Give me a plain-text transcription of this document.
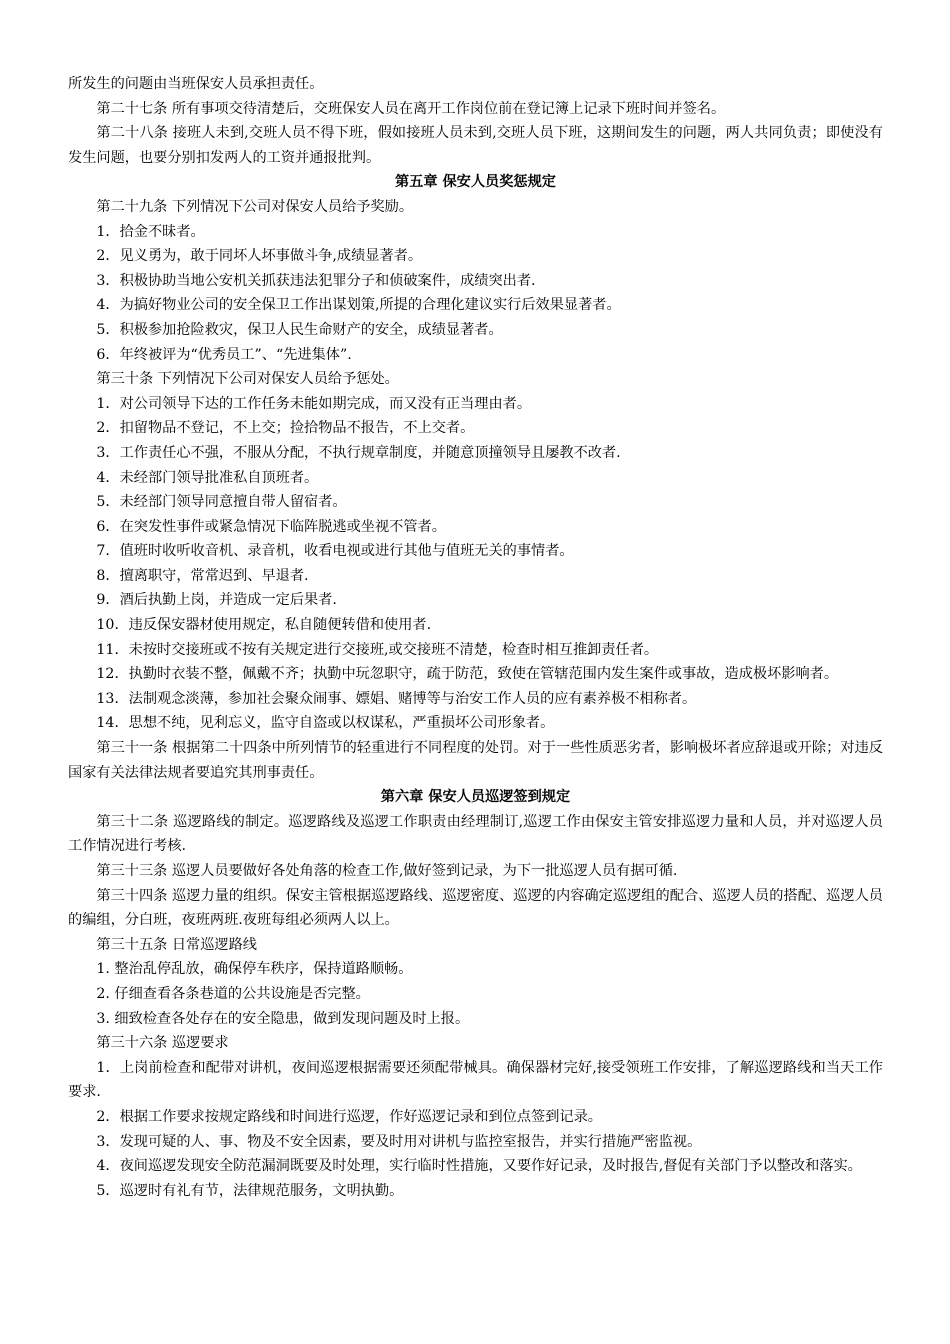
所发生的问题由当班保安人员承担责任。

第二十七条 所有事项交待清楚后，交班保安人员在离开工作岗位前在登记簿上记录下班时间并签名。

第二十八条 接班人未到,交班人员不得下班，假如接班人员未到,交班人员下班，这期间发生的问题，两人共同负责；即使没有发生问题，也要分别扣发两人的工资并通报批判。

第五章 保安人员奖惩规定

第二十九条 下列情况下公司对保安人员给予奖励。

1．拾金不昧者。

2．见义勇为，敢于同坏人坏事做斗争,成绩显著者。

3．积极协助当地公安机关抓获违法犯罪分子和侦破案件，成绩突出者.

4．为搞好物业公司的安全保卫工作出谋划策,所提的合理化建议实行后效果显著者。

5．积极参加抢险救灾，保卫人民生命财产的安全，成绩显著者。

6．年终被评为“优秀员工”、“先进集体”.

第三十条 下列情况下公司对保安人员给予惩处。

1．对公司领导下达的工作任务未能如期完成，而又没有正当理由者。

2．扣留物品不登记，不上交；捡拾物品不报告，不上交者。

3．工作责任心不强，不服从分配，不执行规章制度，并随意顶撞领导且屡教不改者.

4．未经部门领导批准私自顶班者。

5．未经部门领导同意擅自带人留宿者。

6．在突发性事件或紧急情况下临阵脱逃或坐视不管者。

7．值班时收听收音机、录音机，收看电视或进行其他与值班无关的事情者。

8．擅离职守，常常迟到、早退者.

9．酒后执勤上岗，并造成一定后果者.

10．违反保安器材使用规定，私自随便转借和使用者.

11．未按时交接班或不按有关规定进行交接班,或交接班不清楚，检查时相互推卸责任者。

12．执勤时衣装不整，佩戴不齐；执勤中玩忽职守，疏于防范，致使在管辖范围内发生案件或事故，造成极坏影响者。

13．法制观念淡薄，参加社会聚众闹事、嫖娼、赌博等与治安工作人员的应有素养极不相称者。

14．思想不纯，见利忘义，监守自盗或以权谋私，严重损坏公司形象者。

第三十一条 根据第二十四条中所列情节的轻重进行不同程度的处罚。对于一些性质恶劣者，影响极坏者应辞退或开除；对违反国家有关法律法规者要追究其刑事责任。

第六章 保安人员巡逻签到规定

第三十二条 巡逻路线的制定。巡逻路线及巡逻工作职责由经理制订,巡逻工作由保安主管安排巡逻力量和人员，并对巡逻人员工作情况进行考核.

第三十三条 巡逻人员要做好各处角落的检查工作,做好签到记录，为下一批巡逻人员有据可循.

第三十四条 巡逻力量的组织。保安主管根据巡逻路线、巡逻密度、巡逻的内容确定巡逻组的配合、巡逻人员的搭配、巡逻人员的编组，分白班，夜班两班.夜班每组必须两人以上。

第三十五条 日常巡逻路线

1. 整治乱停乱放，确保停车秩序，保持道路顺畅。

2. 仔细查看各条巷道的公共设施是否完整。

3. 细致检查各处存在的安全隐患，做到发现问题及时上报。

第三十六条 巡逻要求

1．上岗前检查和配带对讲机，夜间巡逻根据需要还须配带械具。确保器材完好,接受领班工作安排，了解巡逻路线和当天工作要求.

2．根据工作要求按规定路线和时间进行巡逻，作好巡逻记录和到位点签到记录。

3．发现可疑的人、事、物及不安全因素，要及时用对讲机与监控室报告，并实行措施严密监视。

4．夜间巡逻发现安全防范漏洞既要及时处理，实行临时性措施，又要作好记录，及时报告,督促有关部门予以整改和落实。

5．巡逻时有礼有节，法律规范服务，文明执勤。
